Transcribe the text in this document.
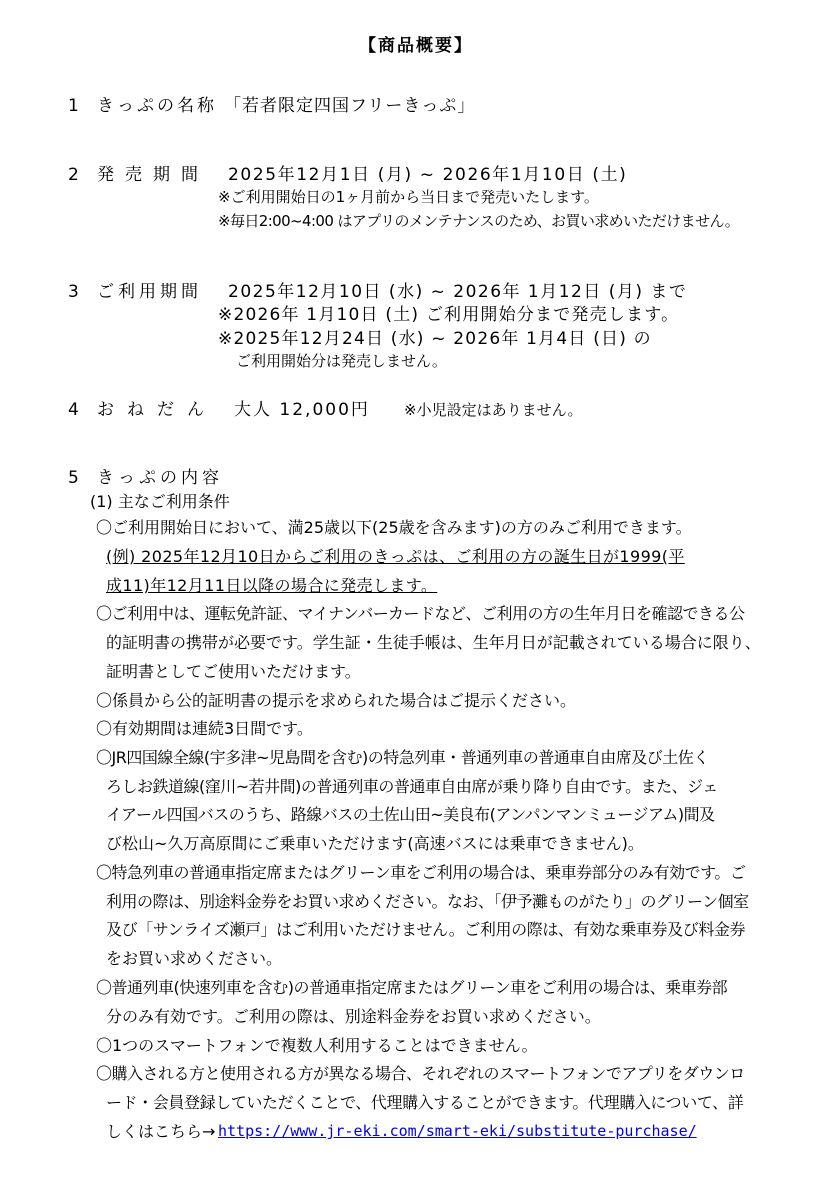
【商品概要】
1 きっぷの名称 「若者限定四国フリーきっぷ」
2 発売期間 2025年12月1日 (月) ~ 2026年1月10日 (土)
※ご利用開始日の1ヶ月前から当日まで発売いたします。
※毎日2:00~4:00 はアプリのメンテナンスのため、お買い求めいただけません。
3 ご利用期間 2025年12月10日 (水) ~ 2026年 1月12日 (月) まで
※2026年 1月10日 (土) ご利用開始分まで発売します。
※2025年12月24日 (水) ~ 2026年 1月4日 (日) の
ご利用開始分は発売しません。
4 おねだん 大人 12,000円 ※小児設定はありません。
5 きっぷの内容
(1) 主なご利用条件
〇ご利用開始日において、満25歳以下(25歳を含みます)の方のみご利用できます。
(例) 2025年12月10日からご利用のきっぷは、ご利用の方の誕生日が1999(平
成11)年12月11日以降の場合に発売します。
〇ご利用中は、運転免許証、マイナンバーカードなど、ご利用の方の生年月日を確認できる公
的証明書の携帯が必要です。学生証・生徒手帳は、生年月日が記載されている場合に限り、
証明書としてご使用いただけます。
〇係員から公的証明書の提示を求められた場合はご提示ください。
〇有効期間は連続3日間です。
〇JR四国線全線(宇多津~児島間を含む)の特急列車・普通列車の普通車自由席及び土佐く
ろしお鉄道線(窪川~若井間)の普通列車の普通車自由席が乗り降り自由です。また、ジェ
イアール四国バスのうち、路線バスの土佐山田~美良布(アンパンマンミュージアム)間及
び松山~久万高原間にご乗車いただけます(高速バスには乗車できません)。
〇特急列車の普通車指定席またはグリーン車をご利用の場合は、乗車券部分のみ有効です。ご
利用の際は、別途料金券をお買い求めください。なお、「伊予灘ものがたり」のグリーン個室
及び「サンライズ瀬戸」はご利用いただけません。ご利用の際は、有効な乗車券及び料金券
をお買い求めください。
〇普通列車(快速列車を含む)の普通車指定席またはグリーン車をご利用の場合は、乗車券部
分のみ有効です。ご利用の際は、別途料金券をお買い求めください。
〇1つのスマートフォンで複数人利用することはできません。
〇購入される方と使用される方が異なる場合、それぞれのスマートフォンでアプリをダウンロ
ード・会員登録していただくことで、代理購入することができます。代理購入について、詳
しくはこちら→ https://www.jr-eki.com/smart-eki/substitute-purchase/
